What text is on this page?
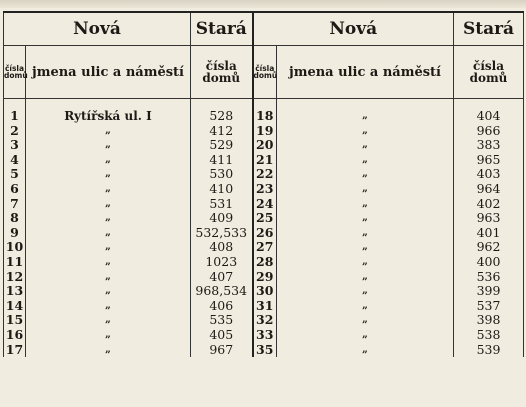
Nová		Stará	Nová		Stará
čísla domů	jmena ulic a náměstí	čísla domů	čísla domů	jmena ulic a náměstí	čísla domů
1	Rytířská ul. I	528	18	„	404
2	„	412	19	„	966
3	„	529	20	„	383
4	„	411	21	„	965
5	„	530	22	„	403
6	„	410	23	„	964
7	„	531	24	„	402
8	„	409	25	„	963
9	„	532,533	26	„	401
10	„	408	27	„	962
11	„	1023	28	„	400
12	„	407	29	„	536
13	„	968,534	30	„	399
14	„	406	31	„	537
15	„	535	32	„	398
16	„	405	33	„	538
17	„	967	35	„	539
